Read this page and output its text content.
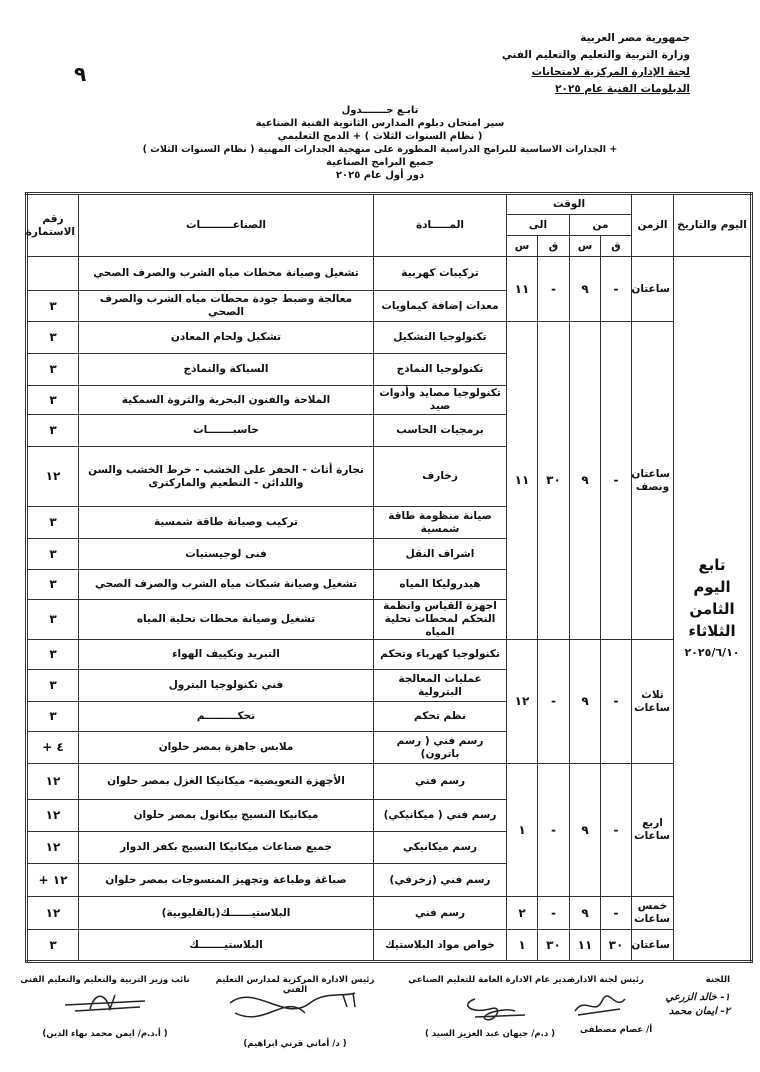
جمهورية مصر العربية
وزارة التربية والتعليم والتعليم الفني
لجنة الإدارة المركزية لامتحانات
الدبلومات الفنية عام ٢٠٢٥
٩
تابـع جـــــــدول
سير امتحان دبلوم المدارس الثانوية الفنية الصناعية
( نظام السنوات الثلاث ) + الدمج التعليمي
+ الجدارات الاساسية للبرامج الدراسية المطورة على منهجية الجدارات المهنية ( نظام السنوات الثلاث )
جميع البرامج الصناعية
دور أول عام ٢٠٢٥
اليوم والتاريخ	الزمن	الوقت				المـــــادة	الصناعـــــــــات	رقم الاستمارة
		من		الى				
		ق	س	ق	س			

تابع
اليوم
الثامن
الثلاثاء
٢٠٢٥/٦/١٠	ساعتان	-	٩	-	١١	تركيبات كهربية	تشغيل وصيانة محطات مياه الشرب والصرف الصحي	
						معدات إضافة كيماويات	معالجة وضبط جودة محطات مياه الشرب والصرف الصحي	٣
	ساعتان ونصف	-	٩	٣٠	١١	تكنولوجيا التشكيل	تشكيل ولحام المعادن	٣
						تكنولوجيا النماذج	السباكة والنماذج	٣
						تكنولوجيا مصايد وأدوات صيد	الملاحة والفنون البحرية والثروة السمكية	٣
						برمجيات الحاسب	حاسبـــــــات	٣
						زخارف	نجارة أثاث - الحفر على الخشب - خرط الخشب والسن واللدائن - التطعيم والماركترى	١٢
						صيانة منظومة طاقة شمسية	تركيب وصيانة طاقة شمسية	٣
						اشراف النقل	فنى لوجيستيات	٣
						هيدروليكا المياه	تشغيل وصيانة شبكات مياه الشرب والصرف الصحي	٣
						اجهزة القياس وانظمة التحكم لمحطات تحلية المياه	تشغيل وصيانة محطات تحلية المياه	٣
	ثلاث ساعات	-	٩	-	١٢	تكنولوجيا كهرباء وتحكم	التبريد وتكييف الهواء	٣
						عمليات المعالجة البترولية	فني تكنولوجيا البترول	٣
						نظم تحكم	تحكـــــــــم	٣
						رسم فني ( رسم باترون)	ملابس جاهزة بمصر حلوان	٤ +
	اربع ساعات	-	٩	-	١	رسم فني	الأجهزة التعويضية- ميكانيكا الغزل بمصر حلوان	١٢
						رسم فني ( ميكانيكي)	ميكانيكا النسيج بيكانول بمصر حلوان	١٢
						رسم ميكانيكي	جميع صناعات ميكانيكا النسيج بكفر الدوار	١٢
						رسم فني (زخرفي)	صباغة وطباعة وتجهيز المنسوجات بمصر حلوان	١٢ +
	خمس ساعات	-	٩	-	٢	رسم فني	البلاستيــــــك(بالقليوبية)	١٢
	ساعتان	٣٠	١١	٣٠	١	خواص مواد البلاستيك	البلاستيـــــــك	٣
اللجنة
رئيس لجنة الادارة
١- خالد الزرعي
٢- ايمان محمد
أ/ عصام مصطفى
مدير عام الادارة العامة للتعليم الصناعي
( د.م/ جيهان عبد العزيز السيد )
رئيس الادارة المركزية لمدارس التعليم الفني
( د/ أماني قرني ابراهيم)
نائب وزير التربية والتعليم والتعليم الفنى
( أ.د.م/ ايمن محمد بهاء الدين)
